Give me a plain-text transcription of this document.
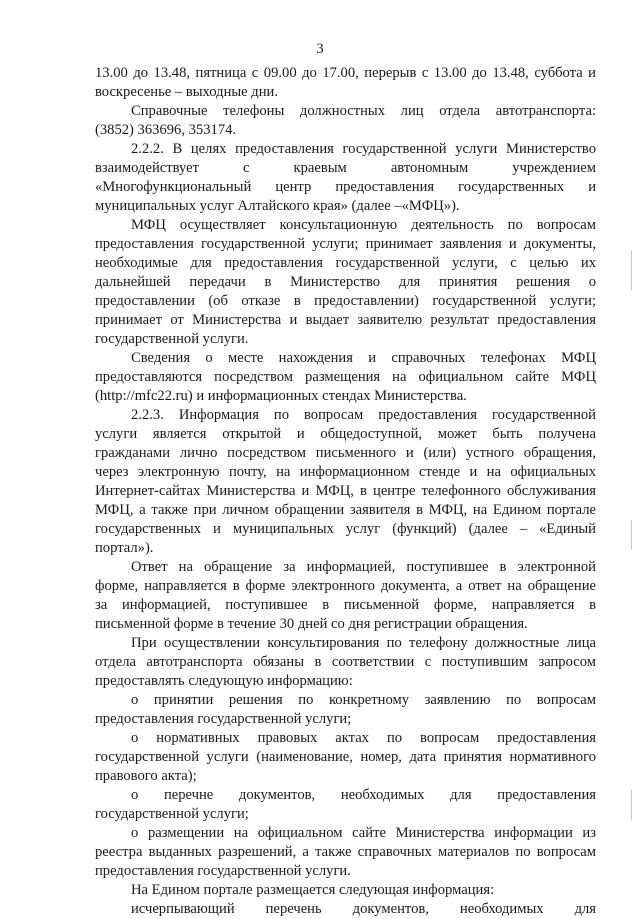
3
13.00 до 13.48, пятница с 09.00 до 17.00, перерыв с 13.00 до 13.48, суббота и
воскресенье – выходные дни.
Справочные телефоны должностных лиц отдела автотранспорта:
(3852) 363696, 353174.
2.2.2. В целях предоставления государственной услуги Министерство
взаимодействует с краевым автономным учреждением
«Многофункциональный центр предоставления государственных и
муниципальных услуг Алтайского края» (далее –«МФЦ»).
МФЦ осуществляет консультационную деятельность по вопросам
предоставления государственной услуги; принимает заявления и документы,
необходимые для предоставления государственной услуги, с целью их
дальнейшей передачи в Министерство для принятия решения о
предоставлении (об отказе в предоставлении) государственной услуги;
принимает от Министерства и выдает заявителю результат предоставления
государственной услуги.
Сведения о месте нахождения и справочных телефонах МФЦ
предоставляются посредством размещения на официальном сайте МФЦ
(http://mfc22.ru) и информационных стендах Министерства.
2.2.3. Информация по вопросам предоставления государственной
услуги является открытой и общедоступной, может быть получена
гражданами лично посредством письменного и (или) устного обращения,
через электронную почту, на информационном стенде и на официальных
Интернет-сайтах Министерства и МФЦ, в центре телефонного обслуживания
МФЦ, а также при личном обращении заявителя в МФЦ, на Едином портале
государственных и муниципальных услуг (функций) (далее – «Единый
портал»).
Ответ на обращение за информацией, поступившее в электронной
форме, направляется в форме электронного документа, а ответ на обращение
за информацией, поступившее в письменной форме, направляется в
письменной форме в течение 30 дней со дня регистрации обращения.
При осуществлении консультирования по телефону должностные лица
отдела автотранспорта обязаны в соответствии с поступившим запросом
предоставлять следующую информацию:
о принятии решения по конкретному заявлению по вопросам
предоставления государственной услуги;
о нормативных правовых актах по вопросам предоставления
государственной услуги (наименование, номер, дата принятия нормативного
правового акта);
о перечне документов, необходимых для предоставления
государственной услуги;
о размещении на официальном сайте Министерства информации из
реестра выданных разрешений, а также справочных материалов по вопросам
предоставления государственной услуги.
На Едином портале размещается следующая информация:
исчерпывающий перечень документов, необходимых для
